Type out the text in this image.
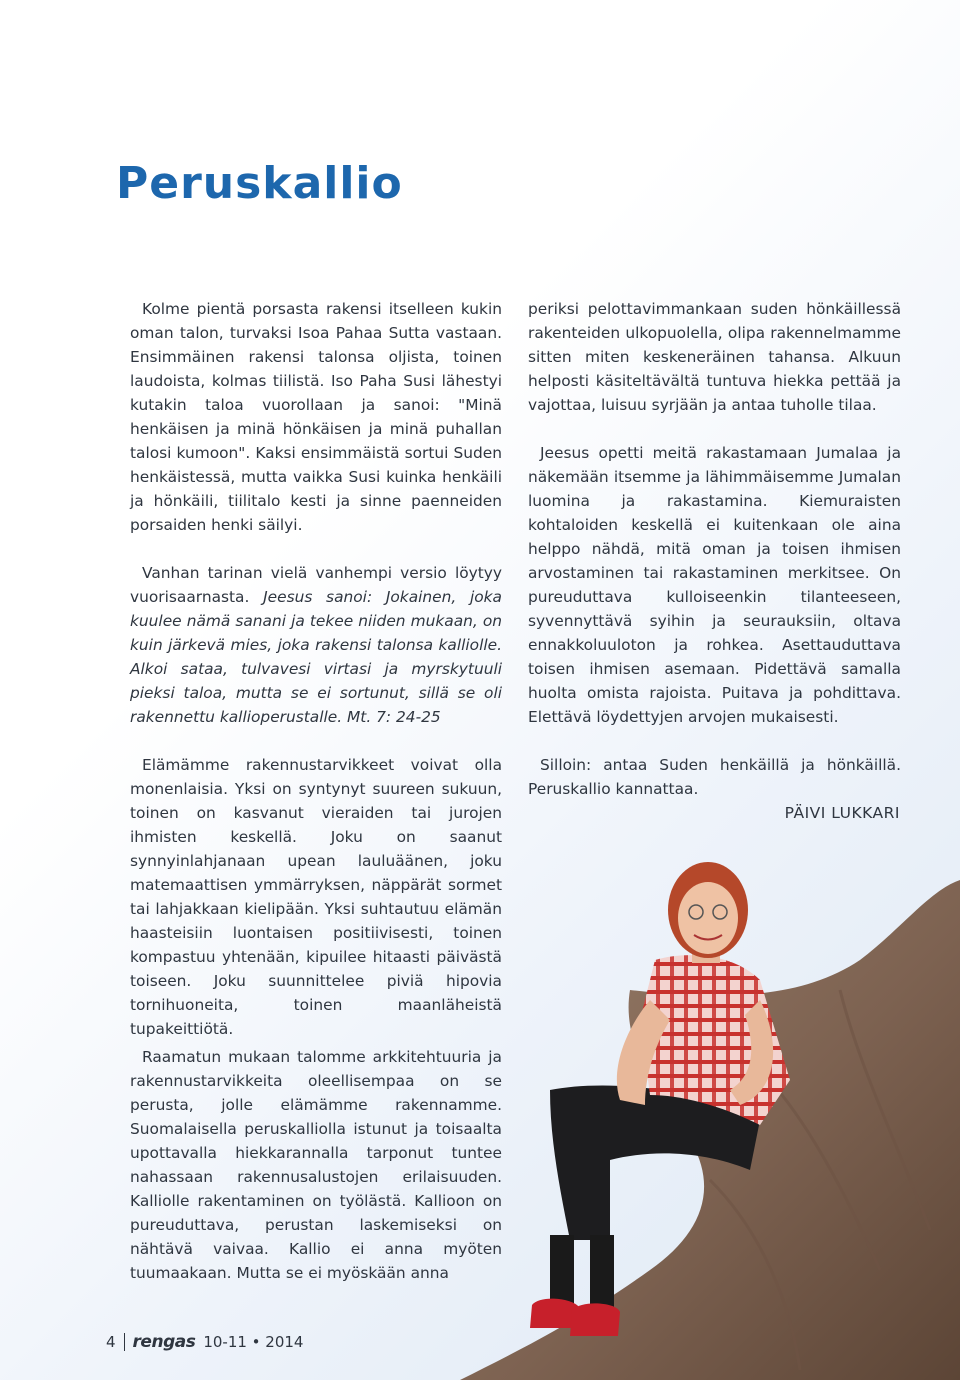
Peruskallio

Kolme pientä porsasta rakensi itselleen kukin oman talon, turvaksi Isoa Pahaa Sutta vastaan. Ensimmäinen rakensi talonsa oljista, toinen laudoista, kolmas tiilistä. Iso Paha Susi lähestyi kutakin taloa vuorollaan ja sanoi: "Minä henkäisen ja minä hönkäisen ja minä puhallan talosi kumoon". Kaksi ensimmäistä sortui Suden henkäistessä, mutta vaikka Susi kuinka henkäili ja hönkäili, tiilitalo kesti ja sinne paenneiden porsaiden henki säilyi.

Vanhan tarinan vielä vanhempi versio löytyy vuorisaarnasta. Jeesus sanoi: Jokainen, joka kuulee nämä sanani ja tekee niiden mukaan, on kuin järkevä mies, joka rakensi talonsa kalliolle. Alkoi sataa, tulvavesi virtasi ja myrskytuuli pieksi taloa, mutta se ei sortunut, sillä se oli rakennettu kallioperustalle. Mt. 7: 24-25

Elämämme rakennustarvikkeet voivat olla monenlaisia. Yksi on syntynyt suureen sukuun, toinen on kasvanut vieraiden tai jurojen ihmisten keskellä. Joku on saanut synnyinlahjanaan upean lauluäänen, joku matemaattisen ymmärryksen, näppärät sormet tai lahjakkaan kielipään. Yksi suhtautuu elämän haasteisiin luontaisen positiivisesti, toinen kompastuu yhtenään, kipuilee hitaasti päivästä toiseen. Joku suunnittelee piviä hipovia tornihuoneita, toinen maanläheistä tupakeittiötä.

Raamatun mukaan talomme arkkitehtuuria ja rakennustarvikkeita oleellisempaa on se perusta, jolle elämämme rakennamme. Suomalaisella peruskalliolla istunut ja toisaalta upottavalla hiekkarannalla tarponut tuntee nahassaan rakennusalustojen erilaisuuden. Kalliolle rakentaminen on työlästä. Kallioon on pureuduttava, perustan laskemiseksi on nähtävä vaivaa. Kallio ei anna myöten tuumaakaan. Mutta se ei myöskään anna

periksi pelottavimmankaan suden hönkäillessä rakenteiden ulkopuolella, olipa rakennelmamme sitten miten keskeneräinen tahansa. Alkuun helposti käsiteltävältä tuntuva hiekka pettää ja vajottaa, luisuu syrjään ja antaa tuholle tilaa.

Jeesus opetti meitä rakastamaan Jumalaa ja näkemään itsemme ja lähimmäisemme Jumalan luomina ja rakastamina. Kiemuraisten kohtaloiden keskellä ei kuitenkaan ole aina helppo nähdä, mitä oman ja toisen ihmisen arvostaminen tai rakastaminen merkitsee. On pureuduttava kulloiseenkin tilanteeseen, syvennyttävä syihin ja seurauksiin, oltava ennakkoluuloton ja rohkea. Asettauduttava toisen ihmisen asemaan. Pidettävä samalla huolta omista rajoista. Puitava ja pohdittava. Elettävä löydettyjen arvojen mukaisesti.

Silloin: antaa Suden henkäillä ja hönkäillä. Peruskallio kannattaa.

PÄIVI LUKKARI

4 rengas 10-11 • 2014
